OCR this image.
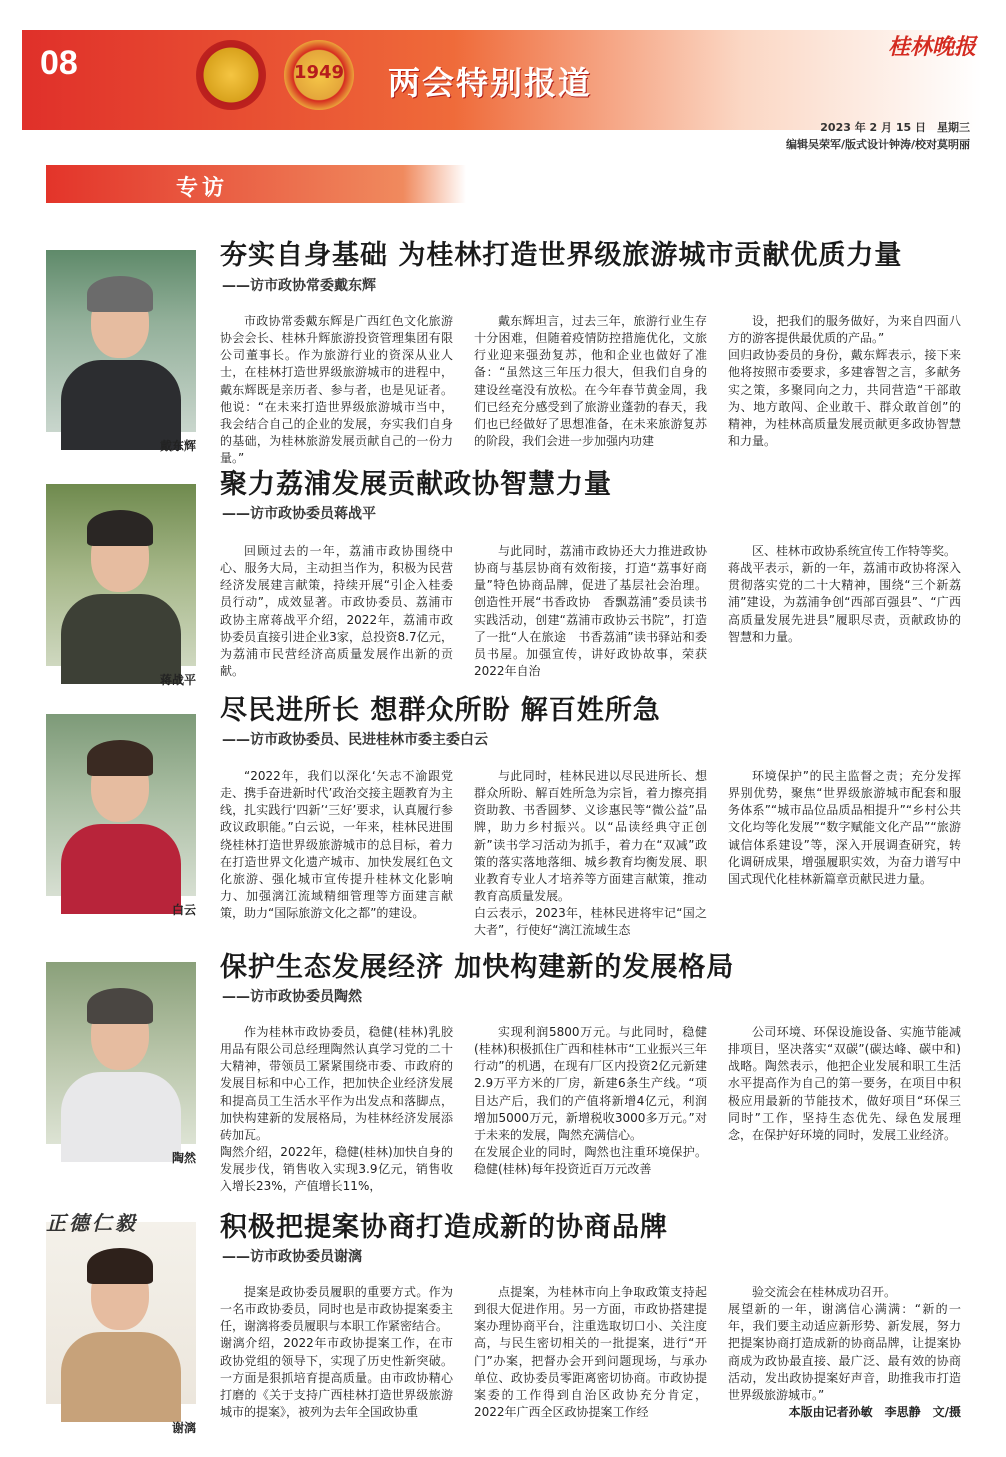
08	1949	两会特别报道
桂林晚报
2023 年 2 月 15 日　星期三
编辑吴荣军/版式设计钟涛/校对莫明丽
专访
戴东辉
夯实自身基础 为桂林打造世界级旅游城市贡献优质力量
——访市政协常委戴东辉

市政协常委戴东辉是广西红色文化旅游协会会长、桂林升辉旅游投资管理集团有限公司董事长。作为旅游行业的资深从业人士，在桂林打造世界级旅游城市的进程中，戴东辉既是亲历者、参与者，也是见证者。他说：“在未来打造世界级旅游城市当中，我会结合自己的企业的发展，夯实我们自身的基础，为桂林旅游发展贡献自己的一份力量。”

戴东辉坦言，过去三年，旅游行业生存十分困难，但随着疫情防控措施优化，文旅行业迎来强劲复苏，他和企业也做好了准备：“虽然这三年压力很大，但我们自身的建设丝毫没有放松。在今年春节黄金周，我们已经充分感受到了旅游业蓬勃的春天，我们也已经做好了思想准备，在未来旅游复苏的阶段，我们会进一步加强内功建

设，把我们的服务做好，为来自四面八方的游客提供最优质的产品。”
回归政协委员的身份，戴东辉表示，接下来他将按照市委要求，多建睿智之言，多献务实之策，多聚同向之力，共同营造“干部敢为、地方敢闯、企业敢干、群众敢首创”的精神，为桂林高质量发展贡献更多政协智慧和力量。

蒋战平
聚力荔浦发展贡献政协智慧力量
——访市政协委员蒋战平

回顾过去的一年，荔浦市政协围绕中心、服务大局，主动担当作为，积极为民营经济发展建言献策，持续开展“引企入桂委员行动”，成效显著。市政协委员、荔浦市政协主席蒋战平介绍，2022年，荔浦市政协委员直接引进企业3家，总投资8.7亿元，为荔浦市民营经济高质量发展作出新的贡献。

与此同时，荔浦市政协还大力推进政协协商与基层协商有效衔接，打造“荔事好商量”特色协商品牌，促进了基层社会治理。创造性开展“书香政协　香飘荔浦”委员读书实践活动，创建“荔浦市政协云书院”，打造了一批“人在旅途　书香荔浦”读书驿站和委员书屋。加强宣传，讲好政协故事，荣获2022年自治

区、桂林市政协系统宣传工作特等奖。
蒋战平表示，新的一年，荔浦市政协将深入贯彻落实党的二十大精神，围绕“三个新荔浦”建设，为荔浦争创“西部百强县”、“广西高质量发展先进县”履职尽责，贡献政协的智慧和力量。

白云
尽民进所长 想群众所盼 解百姓所急
——访市政协委员、民进桂林市委主委白云

“2022年，我们以深化‘矢志不渝跟党走、携手奋进新时代’政治交接主题教育为主线，扎实践行‘四新’‘三好’要求，认真履行参政议政职能。”白云说，一年来，桂林民进围绕桂林打造世界级旅游城市的总目标，着力在打造世界文化遗产城市、加快发展红色文化旅游、强化城市宣传提升桂林文化影响力、加强漓江流域精细管理等方面建言献策，助力“国际旅游文化之都”的建设。

与此同时，桂林民进以尽民进所长、想群众所盼、解百姓所急为宗旨，着力擦亮捐资助教、书香圆梦、义诊惠民等“微公益”品牌，助力乡村振兴。以“品读经典守正创新”读书学习活动为抓手，着力在“双减”政策的落实落地落细、城乡教育均衡发展、职业教育专业人才培养等方面建言献策，推动教育高质量发展。
白云表示，2023年，桂林民进将牢记“国之大者”，行使好“漓江流域生态

环境保护”的民主监督之责；充分发挥界别优势，聚焦“世界级旅游城市配套和服务体系”“城市品位品质品相提升”“乡村公共文化均等化发展”“数字赋能文化产品”“旅游诚信体系建设”等，深入开展调查研究，转化调研成果，增强履职实效，为奋力谱写中国式现代化桂林新篇章贡献民进力量。

陶然
保护生态发展经济 加快构建新的发展格局
——访市政协委员陶然

作为桂林市政协委员，稳健(桂林)乳胶用品有限公司总经理陶然认真学习党的二十大精神，带领员工紧紧围绕市委、市政府的发展目标和中心工作，把加快企业经济发展和提高员工生活水平作为出发点和落脚点，加快构建新的发展格局，为桂林经济发展添砖加瓦。
陶然介绍，2022年，稳健(桂林)加快自身的发展步伐，销售收入实现3.9亿元，销售收入增长23%，产值增长11%，

实现利润5800万元。与此同时，稳健(桂林)积极抓住广西和桂林市“工业振兴三年行动”的机遇，在现有厂区内投资2亿元新建2.9万平方米的厂房，新建6条生产线。“项目达产后，我们的产值将新增4亿元，利润增加5000万元，新增税收3000多万元。”对于未来的发展，陶然充满信心。
在发展企业的同时，陶然也注重环境保护。稳健(桂林)每年投资近百万元改善

公司环境、环保设施设备、实施节能减排项目，坚决落实“双碳”(碳达峰、碳中和)战略。陶然表示，他把企业发展和职工生活水平提高作为自己的第一要务，在项目中积极应用最新的节能技术，做好项目“环保三同时”工作，坚持生态优先、绿色发展理念，在保护好环境的同时，发展工业经济。

正德仁毅
谢漓
积极把提案协商打造成新的协商品牌
——访市政协委员谢漓

提案是政协委员履职的重要方式。作为一名市政协委员，同时也是市政协提案委主任，谢漓将委员履职与本职工作紧密结合。
谢漓介绍，2022年市政协提案工作，在市政协党组的领导下，实现了历史性新突破。一方面是狠抓培育提高质量。由市政协精心打磨的《关于支持广西桂林打造世界级旅游城市的提案》，被列为去年全国政协重

点提案，为桂林市向上争取政策支持起到很大促进作用。另一方面，市政协搭建提案办理协商平台，注重选取切口小、关注度高，与民生密切相关的一批提案，进行“开门”办案，把督办会开到问题现场，与承办单位、政协委员零距离密切协商。市政协提案委的工作得到自治区政协充分肯定，2022年广西全区政协提案工作经

验交流会在桂林成功召开。
展望新的一年，谢漓信心满满：“新的一年，我们要主动适应新形势、新发展，努力把提案协商打造成新的协商品牌，让提案协商成为政协最直接、最广泛、最有效的协商活动，发出政协提案好声音，助推我市打造世界级旅游城市。”

本版由记者孙敏　李思静　文/摄
